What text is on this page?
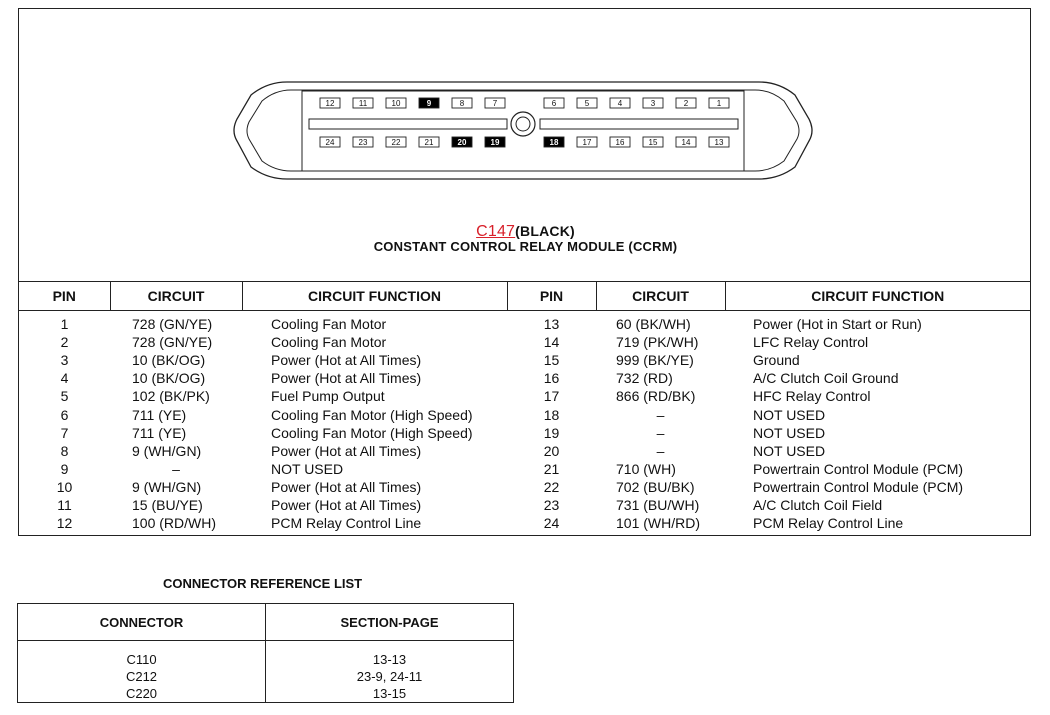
12	11	10	9	8	7	6	5	4	3	2	1
24	23	22	21	20	19	18	17	16	15	14	13
C147(BLACK)
CONSTANT CONTROL RELAY MODULE (CCRM)
PIN	CIRCUIT	CIRCUIT FUNCTION	PIN	CIRCUIT	CIRCUIT FUNCTION
1	728 (GN/YE)	Cooling Fan Motor	13	60 (BK/WH)	Power (Hot in Start or Run)
2	728 (GN/YE)	Cooling Fan Motor	14	719 (PK/WH)	LFC Relay Control
3	10 (BK/OG)	Power (Hot at All Times)	15	999 (BK/YE)	Ground
4	10 (BK/OG)	Power (Hot at All Times)	16	732 (RD)	A/C Clutch Coil Ground
5	102 (BK/PK)	Fuel Pump Output	17	866 (RD/BK)	HFC Relay Control
6	711 (YE)	Cooling Fan Motor (High Speed)	18	–	NOT USED
7	711 (YE)	Cooling Fan Motor (High Speed)	19	–	NOT USED
8	9 (WH/GN)	Power (Hot at All Times)	20	–	NOT USED
9	–	NOT USED	21	710 (WH)	Powertrain Control Module (PCM)
10	9 (WH/GN)	Power (Hot at All Times)	22	702 (BU/BK)	Powertrain Control Module (PCM)
11	15 (BU/YE)	Power (Hot at All Times)	23	731 (BU/WH)	A/C Clutch Coil Field
12	100 (RD/WH)	PCM Relay Control Line	24	101 (WH/RD)	PCM Relay Control Line
CONNECTOR REFERENCE LIST
CONNECTOR	SECTION-PAGE
C110	13-13
C212	23-9, 24-11
C220	13-15
